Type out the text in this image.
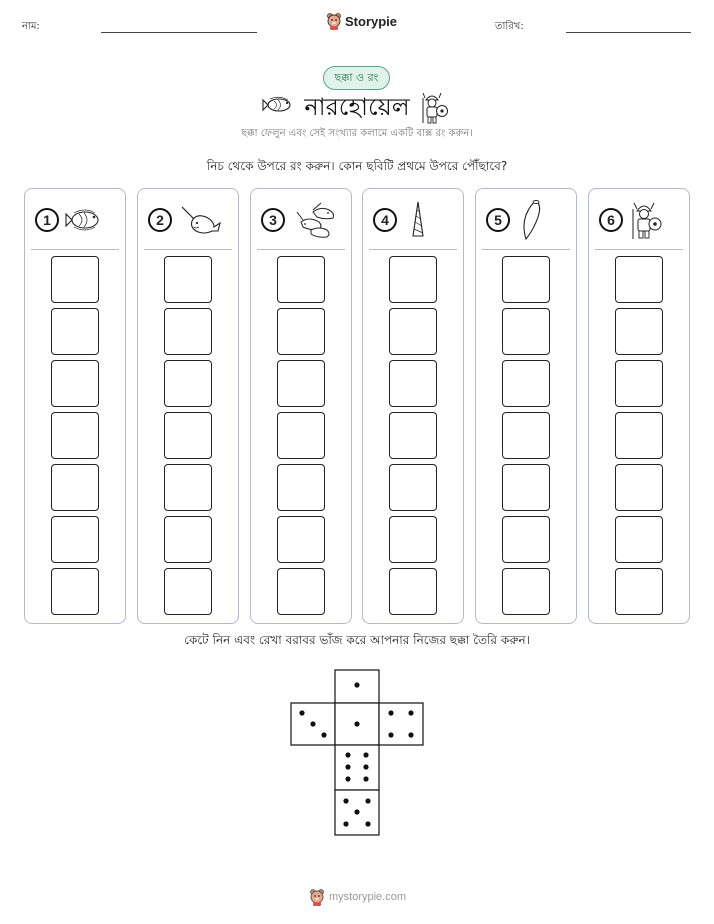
নাম:	Storypie	তারিখ:
ছক্কা ও রং
নারহোয়েল
ছক্কা ফেলুন এবং সেই সংখ্যার কলামে একটি বাক্স রং করুন।
নিচ থেকে উপরে রং করুন। কোন ছবিটি প্রথমে উপরে পৌঁছাবে?
1	2	3	4	5	6
কেটে নিন এবং রেখা বরাবর ভাঁজ করে আপনার নিজের ছক্কা তৈরি করুন।
mystorypie.com
